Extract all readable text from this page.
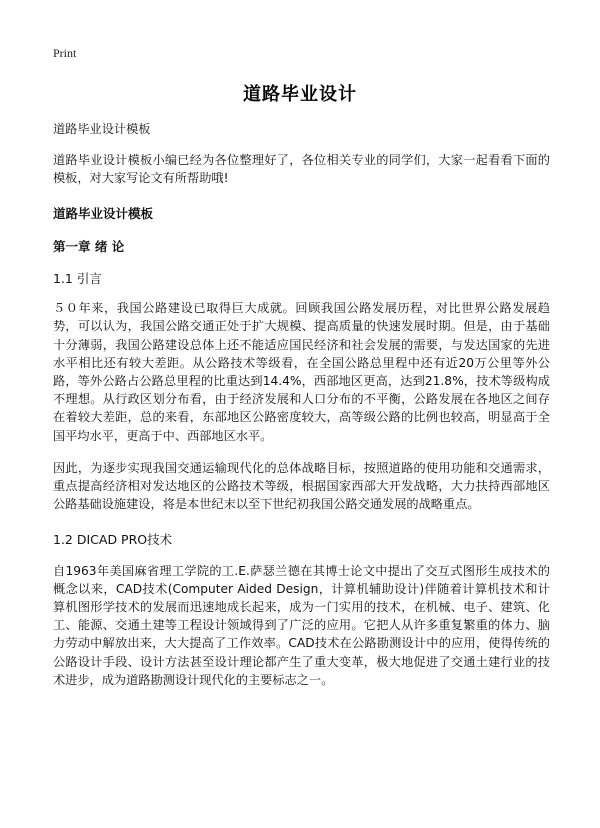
Print
道路毕业设计

道路毕业设计模板

道路毕业设计模板小编已经为各位整理好了，各位相关专业的同学们，大家一起看看下面的模板，对大家写论文有所帮助哦!

道路毕业设计模板

第一章 绪 论

1.1 引言

５０年来，我国公路建设已取得巨大成就。回顾我国公路发展历程，对比世界公路发展趋势，可以认为，我国公路交通正处于扩大规模、提高质量的快速发展时期。但是，由于基础十分薄弱，我国公路建设总体上还不能适应国民经济和社会发展的需要，与发达国家的先进水平相比还有较大差距。从公路技术等级看，在全国公路总里程中还有近20万公里等外公路，等外公路占公路总里程的比重达到14.4%，西部地区更高，达到21.8%，技术等级构成不理想。从行政区划分布看，由于经济发展和人口分布的不平衡，公路发展在各地区之间存在着较大差距，总的来看，东部地区公路密度较大，高等级公路的比例也较高，明显高于全国平均水平，更高于中、西部地区水平。

因此，为逐步实现我国交通运输现代化的总体战略目标，按照道路的使用功能和交通需求，重点提高经济相对发达地区的公路技术等级，根据国家西部大开发战略，大力扶持西部地区公路基础设施建设，将是本世纪末以至下世纪初我国公路交通发展的战略重点。

1.2 DICAD PRO技术

自1963年美国麻省理工学院的工.E.萨瑟兰德在其博士论文中提出了交互式图形生成技术的概念以来，CAD技术(Computer Aided Design，计算机辅助设计)伴随着计算机技术和计算机图形学技术的发展而迅速地成长起来，成为一门实用的技术，在机械、电子、建筑、化工、能源、交通土建等工程设计领域得到了广泛的应用。它把人从许多重复繁重的体力、脑力劳动中解放出来，大大提高了工作效率。CAD技术在公路勘测设计中的应用，使得传统的公路设计手段、设计方法甚至设计理论都产生了重大变革，极大地促进了交通土建行业的技术进步，成为道路勘测设计现代化的主要标志之一。
